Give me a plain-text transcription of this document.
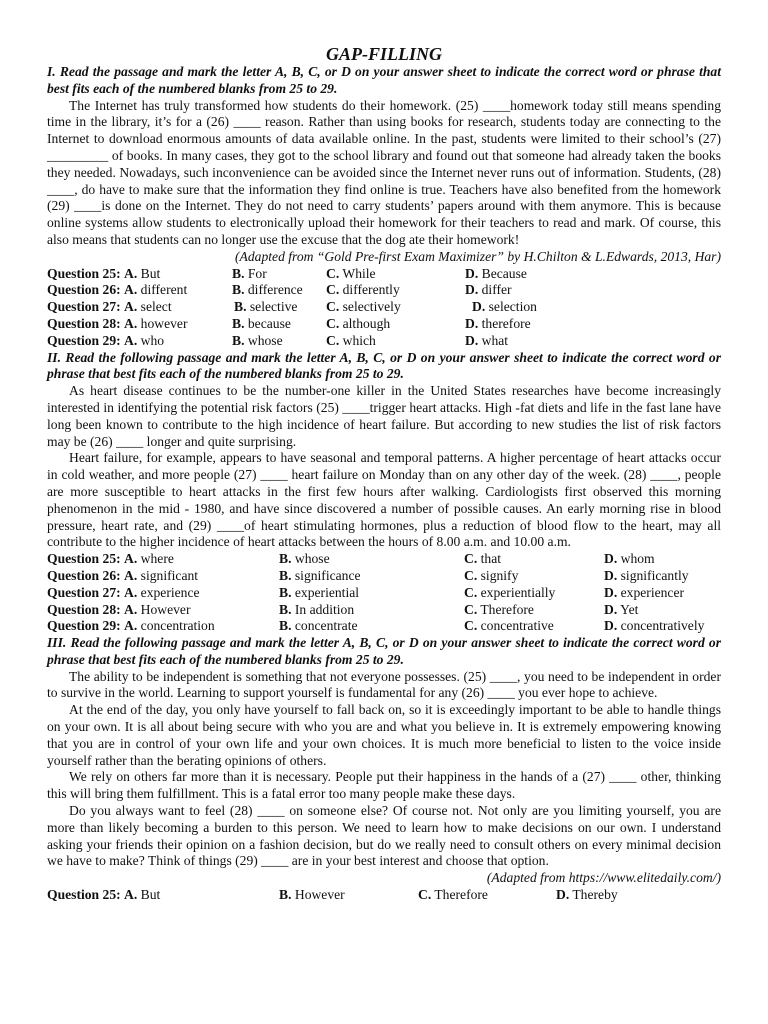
GAP-FILLING

I. Read the passage and mark the letter A, B, C, or D on your answer sheet to indicate the correct word or phrase that best fits each of the numbered blanks from 25 to 29.

The Internet has truly transformed how students do their homework. (25) ____homework today still means spending time in the library, it’s for a (26) ____ reason. Rather than using books for research, students today are connecting to the Internet to download enormous amounts of data available online. In the past, students were limited to their school’s (27) _________ of books. In many cases, they got to the school library and found out that someone had already taken the books they needed. Nowadays, such inconvenience can be avoided since the Internet never runs out of information. Students, (28) ____, do have to make sure that the information they find online is true. Teachers have also benefited from the homework (29) ____is done on the Internet. They do not need to carry students’ papers around with them anymore. This is because online systems allow students to electronically upload their homework for their teachers to read and mark. Of course, this also means that students can no longer use the excuse that the dog ate their homework!

(Adapted from “Gold Pre-first Exam Maximizer” by H.Chilton & L.Edwards, 2013, Har)

Question 25: A. But	B. For	C. While	D. Because
Question 26: A. different	B. difference C. differently	D. differ
Question 27: A. select	B. selective C. selectively	D. selection
Question 28: A. however	B. because	C. although	D. therefore
Question 29: A. who	B. whose	C. which	D. what

II. Read the following passage and mark the letter A, B, C, or D on your answer sheet to indicate the correct word or phrase that best fits each of the numbered blanks from 25 to 29.

As heart disease continues to be the number-one killer in the United States researches have become increasingly interested in identifying the potential risk factors (25) ____trigger heart attacks. High -fat diets and life in the fast lane have long been known to contribute to the high incidence of heart failure. But according to new studies the list of risk factors may be (26) ____ longer and quite surprising.

Heart failure, for example, appears to have seasonal and temporal patterns. A higher percentage of heart attacks occur in cold weather, and more people (27) ____ heart failure on Monday than on any other day of the week. (28) ____, people are more susceptible to heart attacks in the first few hours after walking. Cardiologists first observed this morning phenomenon in the mid - 1980, and have since discovered a number of possible causes. An early morning rise in blood pressure, heart rate, and (29) ____of heart stimulating hormones, plus a reduction of blood flow to the heart, may all contribute to the higher incidence of heart attacks between the hours of 8.00 a.m. and 10.00 a.m.

Question 25: A. where	B. whose	C. that	D. whom
Question 26: A. significant	B. significance	C. signify	D. significantly
Question 27: A. experience	B. experiential	C. experientially	D. experiencer
Question 28: A. However	B. In addition	C. Therefore	D. Yet
Question 29: A. concentration	B. concentrate	C. concentrative	D. concentratively

III. Read the following passage and mark the letter A, B, C, or D on your answer sheet to indicate the correct word or phrase that best fits each of the numbered blanks from 25 to 29.

The ability to be independent is something that not everyone possesses. (25) ____, you need to be independent in order to survive in the world. Learning to support yourself is fundamental for any (26) ____ you ever hope to achieve.

At the end of the day, you only have yourself to fall back on, so it is exceedingly important to be able to handle things on your own. It is all about being secure with who you are and what you believe in. It is extremely empowering knowing that you are in control of your own life and your own choices. It is much more beneficial to listen to the voice inside yourself rather than the berating opinions of others.

We rely on others far more than it is necessary. People put their happiness in the hands of a (27) ____ other, thinking this will bring them fulfillment. This is a fatal error too many people make these days.

Do you always want to feel (28) ____ on someone else? Of course not. Not only are you limiting yourself, you are more than likely becoming a burden to this person. We need to learn how to make decisions on our own. I understand asking your friends their opinion on a fashion decision, but do we really need to consult others on every minimal decision we have to make? Think of things (29) ____ are in your best interest and choose that option.

(Adapted from https://www.elitedaily.com/)

Question 25: A. But	B. However	C. Therefore	D. Thereby
